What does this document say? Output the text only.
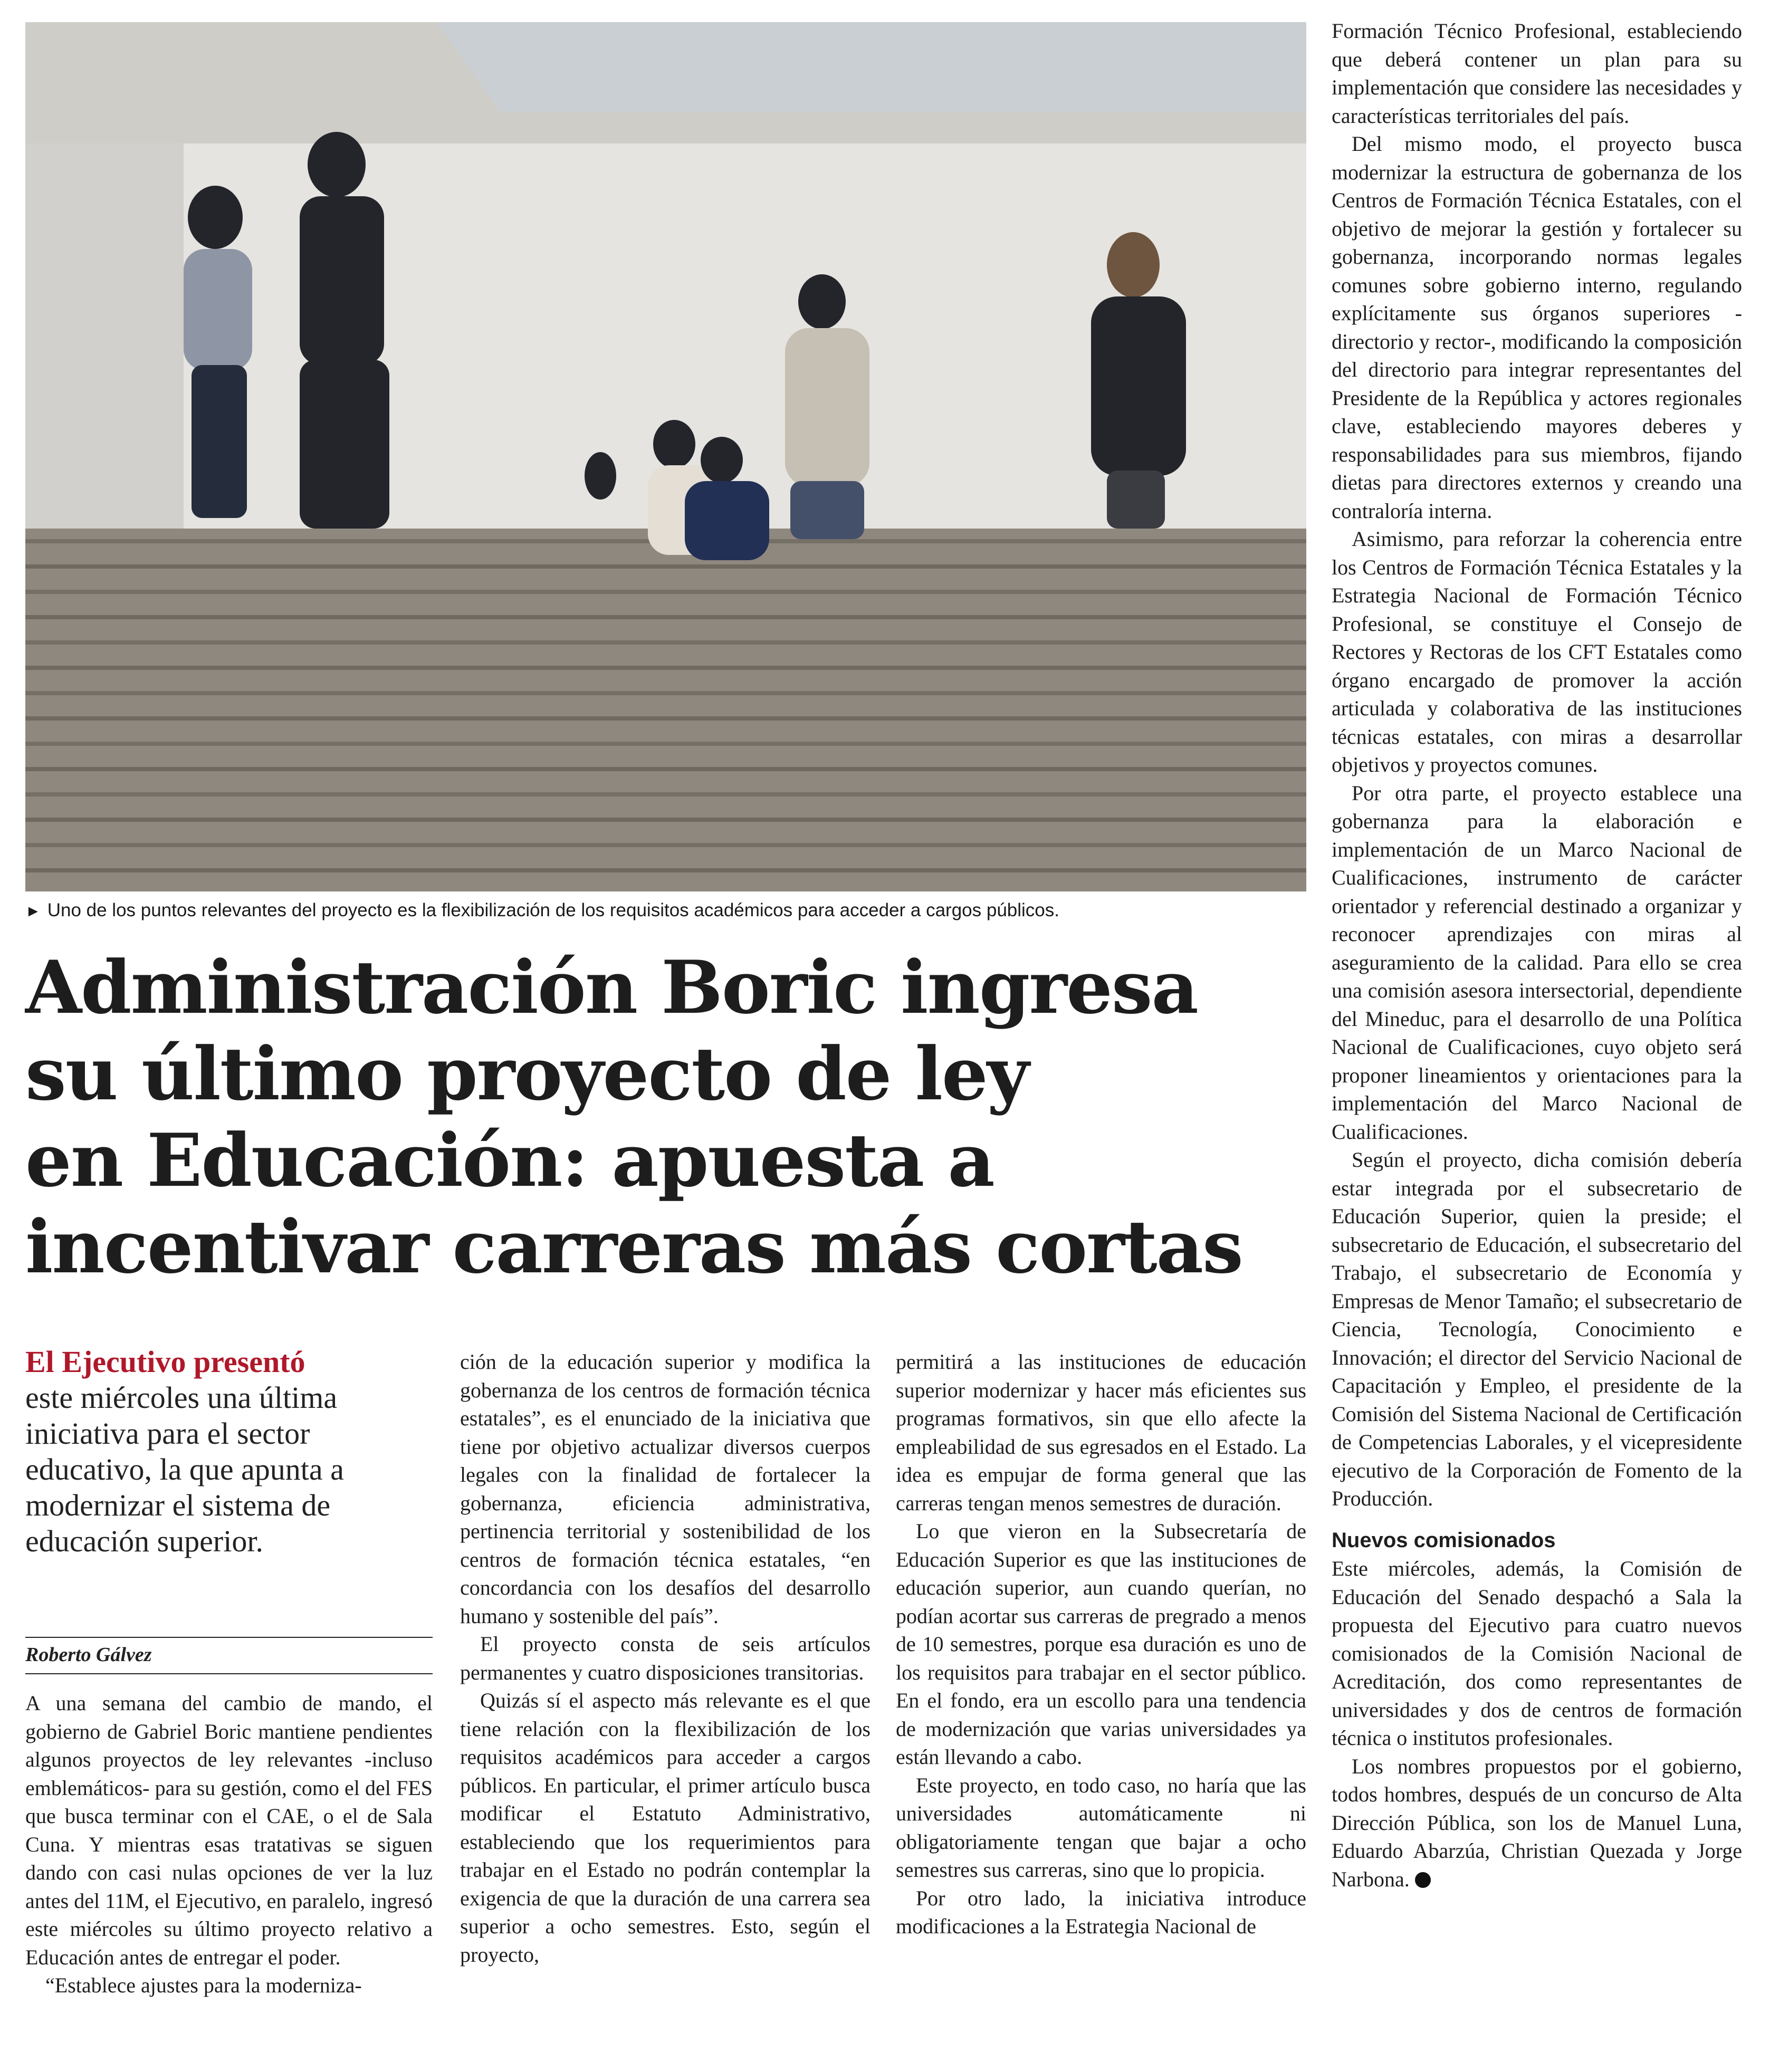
► Uno de los puntos relevantes del proyecto es la flexibilización de los requisitos académicos para acceder a cargos públicos.
Administración Boric ingresa
su último proyecto de ley
en Educación: apuesta a
incentivar carreras más cortas
El Ejecutivo presentó
este miércoles una última iniciativa para el sector educativo, la que apunta a modernizar el sistema de educación superior.
Roberto Gálvez

A una semana del cambio de mando, el gobierno de Gabriel Boric mantiene pendientes algunos proyectos de ley relevantes -incluso emblemáticos- para su gestión, como el del FES que busca terminar con el CAE, o el de Sala Cuna. Y mientras esas tratativas se siguen dando con casi nulas opciones de ver la luz antes del 11M, el Ejecutivo, en paralelo, ingresó este miércoles su último proyecto relativo a Educación antes de entregar el poder.

“Establece ajustes para la moderniza-

ción de la educación superior y modifica la gobernanza de los centros de formación técnica estatales”, es el enunciado de la iniciativa que tiene por objetivo actualizar diversos cuerpos legales con la finalidad de fortalecer la gobernanza, eficiencia administrativa, pertinencia territorial y sostenibilidad de los centros de formación técnica estatales, “en concordancia con los desafíos del desarrollo humano y sostenible del país”.

El proyecto consta de seis artículos permanentes y cuatro disposiciones transitorias.

Quizás sí el aspecto más relevante es el que tiene relación con la flexibilización de los requisitos académicos para acceder a cargos públicos. En particular, el primer artículo busca modificar el Estatuto Administrativo, estableciendo que los requerimientos para trabajar en el Estado no podrán contemplar la exigencia de que la duración de una carrera sea superior a ocho semestres. Esto, según el proyecto,

permitirá a las instituciones de educación superior modernizar y hacer más eficientes sus programas formativos, sin que ello afecte la empleabilidad de sus egresados en el Estado. La idea es empujar de forma general que las carreras tengan menos semestres de duración.

Lo que vieron en la Subsecretaría de Educación Superior es que las instituciones de educación superior, aun cuando querían, no podían acortar sus carreras de pregrado a menos de 10 semestres, porque esa duración es uno de los requisitos para trabajar en el sector público. En el fondo, era un escollo para una tendencia de modernización que varias universidades ya están llevando a cabo.

Este proyecto, en todo caso, no haría que las universidades automáticamente ni obligatoriamente tengan que bajar a ocho semestres sus carreras, sino que lo propicia.

Por otro lado, la iniciativa introduce modificaciones a la Estrategia Nacional de

Formación Técnico Profesional, estableciendo que deberá contener un plan para su implementación que considere las necesidades y características territoriales del país.

Del mismo modo, el proyecto busca modernizar la estructura de gobernanza de los Centros de Formación Técnica Estatales, con el objetivo de mejorar la gestión y fortalecer su gobernanza, incorporando normas legales comunes sobre gobierno interno, regulando explícitamente sus órganos superiores -directorio y rector-, modificando la composición del directorio para integrar representantes del Presidente de la República y actores regionales clave, estableciendo mayores deberes y responsabilidades para sus miembros, fijando dietas para directores externos y creando una contraloría interna.

Asimismo, para reforzar la coherencia entre los Centros de Formación Técnica Estatales y la Estrategia Nacional de Formación Técnico Profesional, se constituye el Consejo de Rectores y Rectoras de los CFT Estatales como órgano encargado de promover la acción articulada y colaborativa de las instituciones técnicas estatales, con miras a desarrollar objetivos y proyectos comunes.

Por otra parte, el proyecto establece una gobernanza para la elaboración e implementación de un Marco Nacional de Cualificaciones, instrumento de carácter orientador y referencial destinado a organizar y reconocer aprendizajes con miras al aseguramiento de la calidad. Para ello se crea una comisión asesora intersectorial, dependiente del Mineduc, para el desarrollo de una Política Nacional de Cualificaciones, cuyo objeto será proponer lineamientos y orientaciones para la implementación del Marco Nacional de Cualificaciones.

Según el proyecto, dicha comisión debería estar integrada por el subsecretario de Educación Superior, quien la preside; el subsecretario de Educación, el subsecretario del Trabajo, el subsecretario de Economía y Empresas de Menor Tamaño; el subsecretario de Ciencia, Tecnología, Conocimiento e Innovación; el director del Servicio Nacional de Capacitación y Empleo, el presidente de la Comisión del Sistema Nacional de Certificación de Competencias Laborales, y el vicepresidente ejecutivo de la Corporación de Fomento de la Producción.

Nuevos comisionados

Este miércoles, además, la Comisión de Educación del Senado despachó a Sala la propuesta del Ejecutivo para cuatro nuevos comisionados de la Comisión Nacional de Acreditación, dos como representantes de universidades y dos de centros de formación técnica o institutos profesionales.

Los nombres propuestos por el gobierno, todos hombres, después de un concurso de Alta Dirección Pública, son los de Manuel Luna, Eduardo Abarzúa, Christian Quezada y Jorge Narbona.
